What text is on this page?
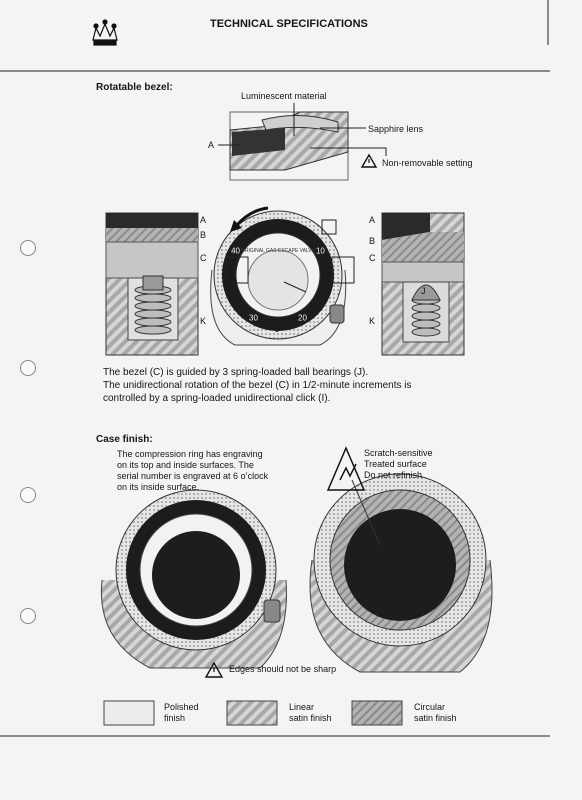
10
20
30
40 ORIGINAL GAS ESCAPE VALVE
TECHNICAL SPECIFICATIONS
Rotatable bezel:
Luminescent material
Sapphire lens
Non-removable setting
A
A
B
C
K
A
B
C
K
J
J
J
The bezel (C) is guided by 3 spring-loaded ball bearings (J).
The unidirectional rotation of the bezel (C) in 1/2-minute increments is
controlled by a spring-loaded unidirectional click (I).
Case finish:
The compression ring has engraving
on its top and inside surfaces. The
serial number is engraved at 6 o’clock
on its inside surface.
Scratch-sensitive
Treated surface
Do not refinish
Edges should not be sharp
Polished
finish
Linear
satin finish
Circular
satin finish
